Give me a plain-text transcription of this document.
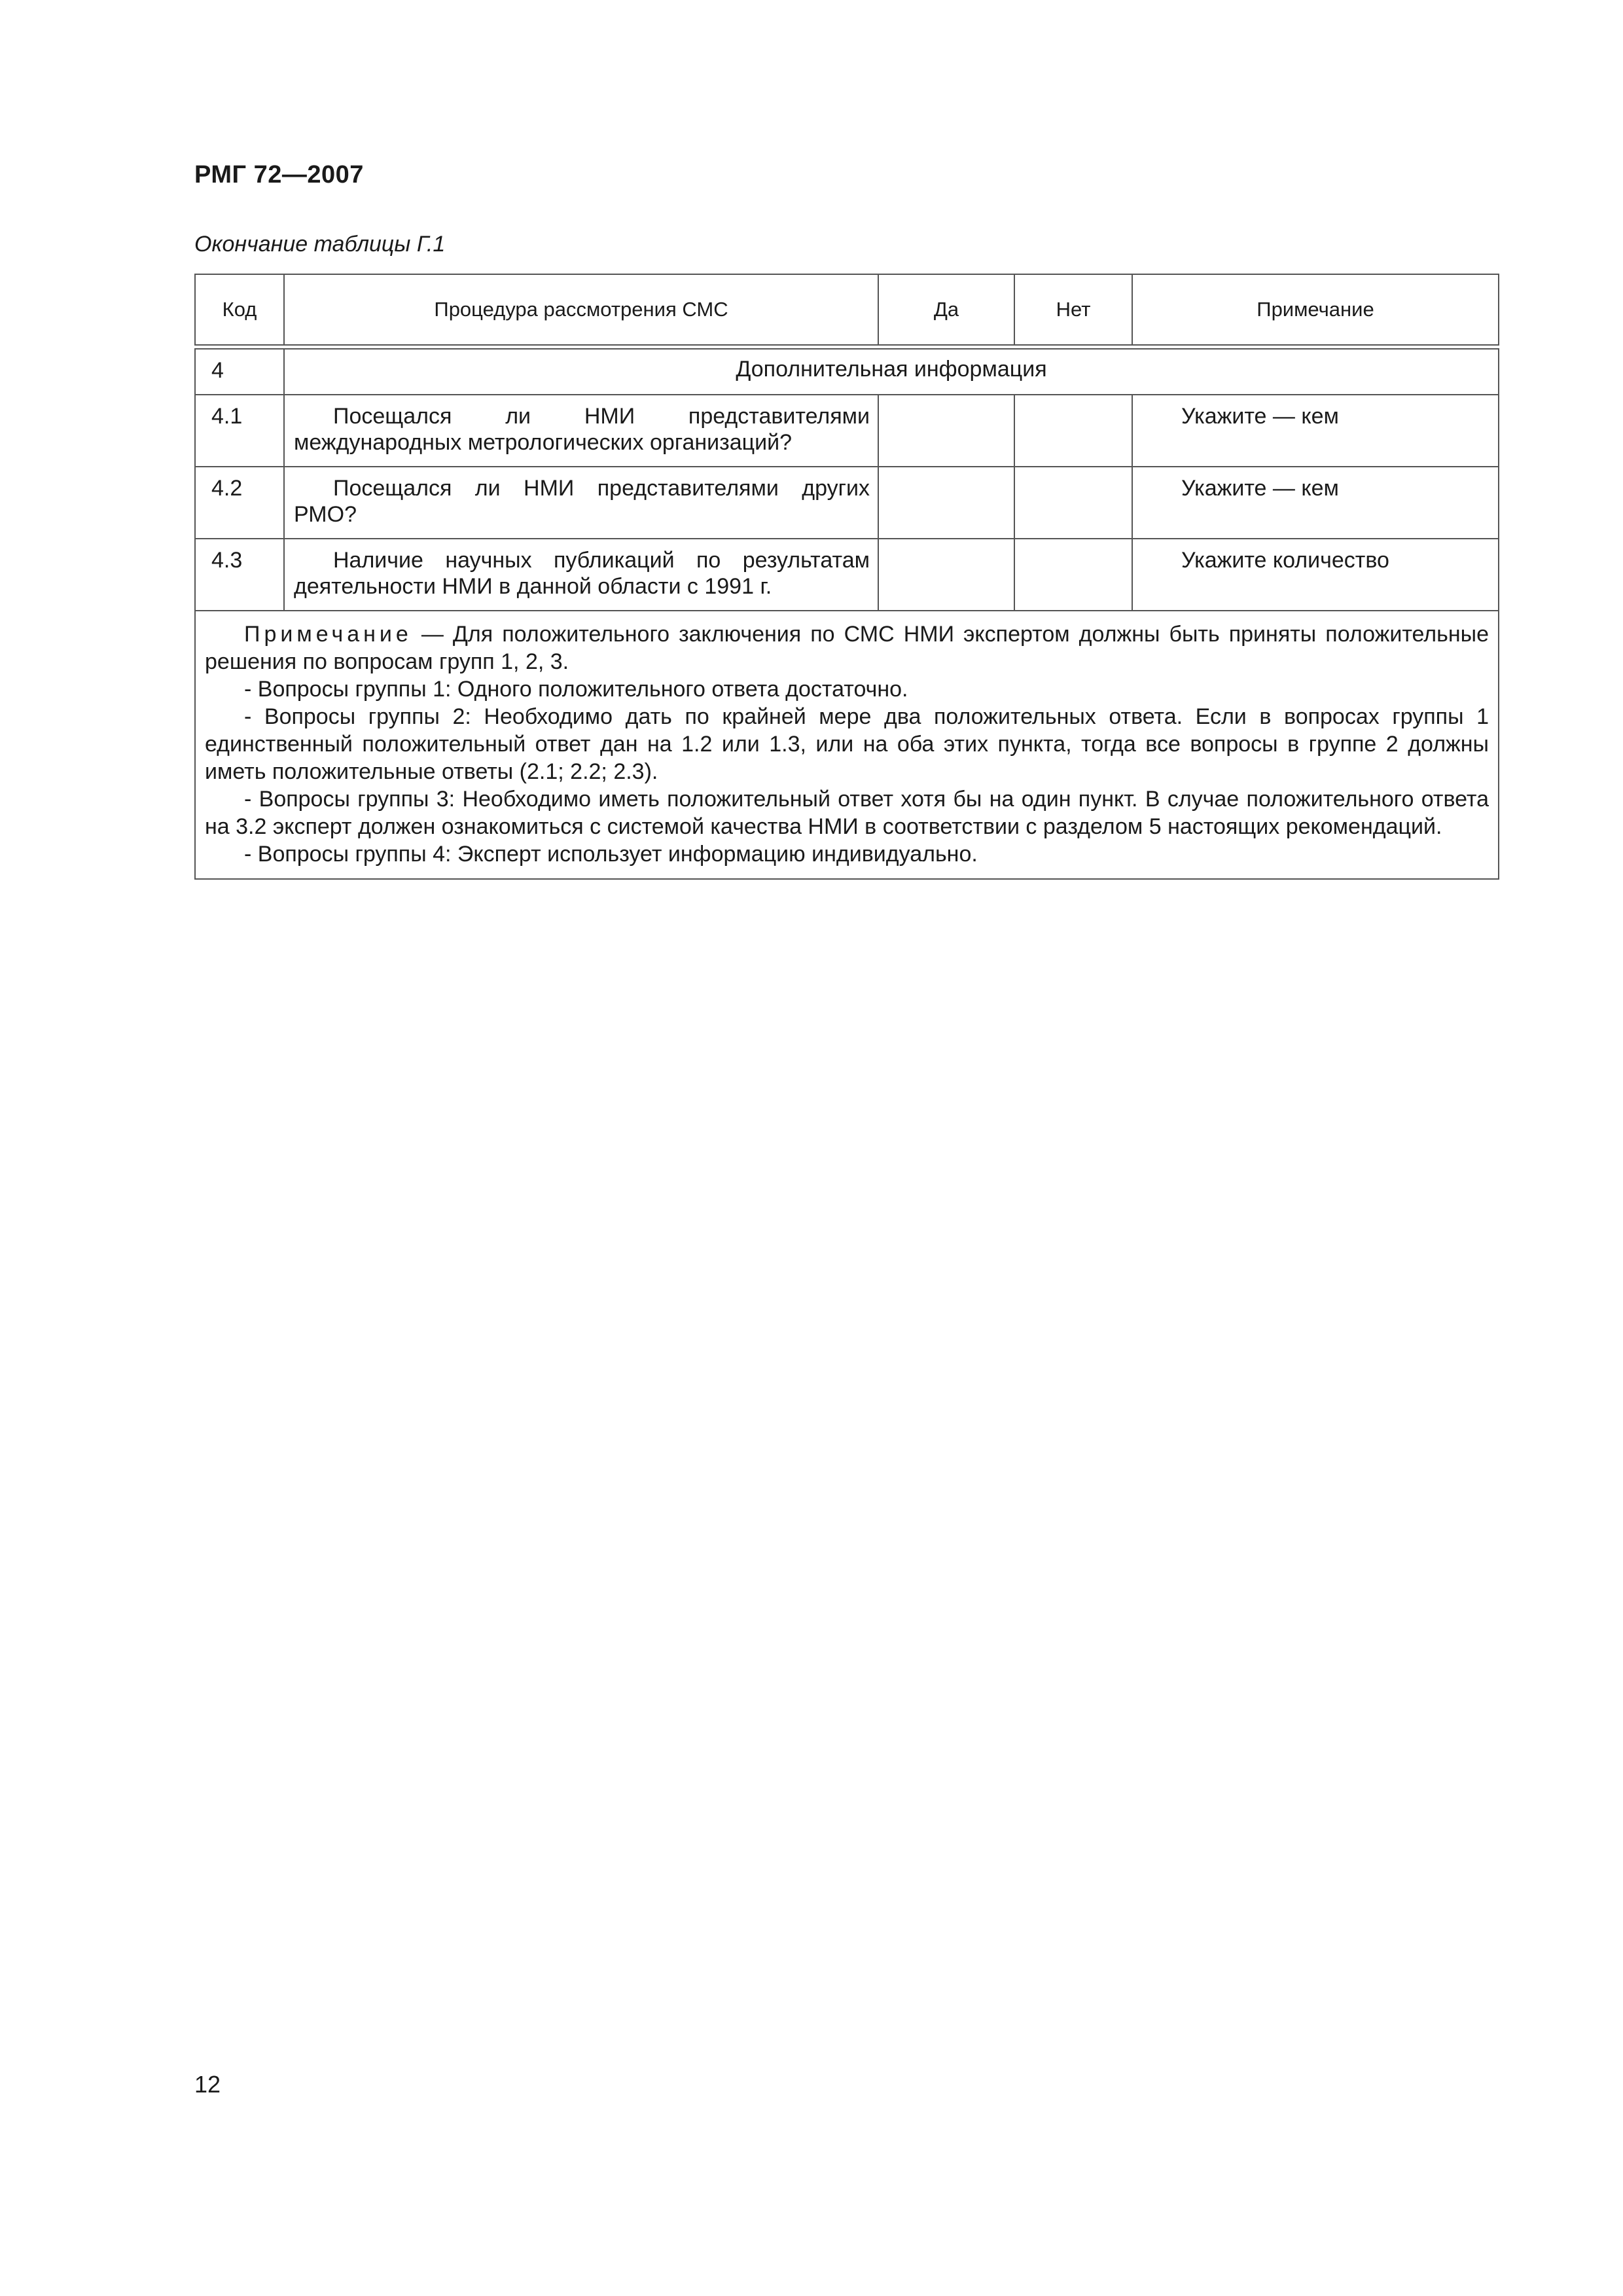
РМГ 72—2007
Окончание таблицы Г.1
Код	Процедура рассмотрения СМС	Да	Нет	Примечание

4	Дополнительная информация			
4.1	Посещался ли НМИ представителями международных метрологических организаций?			Укажите — кем
4.2	Посещался ли НМИ представителями других РМО?			Укажите — кем
4.3	Наличие научных публикаций по результатам деятельности НМИ в данной области с 1991 г.			Укажите количество

Примечание — Для положительного заключения по СМС НМИ экспертом должны быть приняты положительные решения по вопросам групп 1, 2, 3.

- Вопросы группы 1: Одного положительного ответа достаточно.

- Вопросы группы 2: Необходимо дать по крайней мере два положительных ответа. Если в вопросах группы 1 единственный положительный ответ дан на 1.2 или 1.3, или на оба этих пункта, тогда все вопросы в группе 2 должны иметь положительные ответы (2.1; 2.2; 2.3).

- Вопросы группы 3: Необходимо иметь положительный ответ хотя бы на один пункт. В случае положительного ответа на 3.2 эксперт должен ознакомиться с системой качества НМИ в соответствии с разделом 5 настоящих рекомендаций.

- Вопросы группы 4: Эксперт использует информацию индивидуально.				

12
